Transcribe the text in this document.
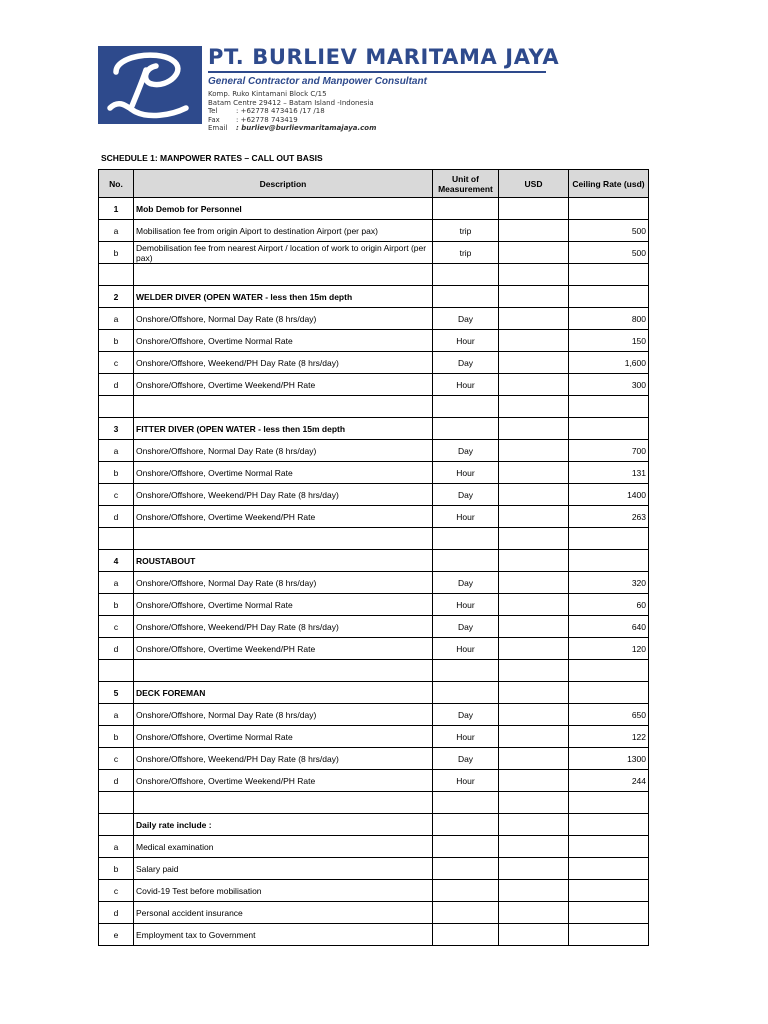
PT. BURLIEV MARITAMA JAYA
General Contractor and Manpower Consultant
Komp. Ruko Kintamani Block C/15
Batam Centre 29412 – Batam Island -Indonesia
Tel	: +62778 473416 /17 /18
Fax	: +62778 743419
Email	: burliev@burlievmaritamajaya.com
SCHEDULE 1: MANPOWER RATES – CALL OUT BASIS
No.	Description	Unit of Measurement	USD	Ceiling Rate (usd)
1	Mob Demob for Personnel			
a	Mobilisation fee from origin Aiport to destination Airport (per pax)	trip		500
b	Demobilisation fee from nearest Airport / location of work to origin Airport (per pax)	trip		500

2	WELDER DIVER (OPEN WATER - less then 15m depth			
a	Onshore/Offshore, Normal Day Rate (8 hrs/day)	Day		800
b	Onshore/Offshore, Overtime Normal Rate	Hour		150
c	Onshore/Offshore, Weekend/PH Day Rate (8 hrs/day)	Day		1,600
d	Onshore/Offshore, Overtime Weekend/PH Rate	Hour		300

3	FITTER DIVER (OPEN WATER - less then 15m depth			
a	Onshore/Offshore, Normal Day Rate (8 hrs/day)	Day		700
b	Onshore/Offshore, Overtime Normal Rate	Hour		131
c	Onshore/Offshore, Weekend/PH Day Rate (8 hrs/day)	Day		1400
d	Onshore/Offshore, Overtime Weekend/PH Rate	Hour		263

4	ROUSTABOUT			
a	Onshore/Offshore, Normal Day Rate (8 hrs/day)	Day		320
b	Onshore/Offshore, Overtime Normal Rate	Hour		60
c	Onshore/Offshore, Weekend/PH Day Rate (8 hrs/day)	Day		640
d	Onshore/Offshore, Overtime Weekend/PH Rate	Hour		120

5	DECK FOREMAN			
a	Onshore/Offshore, Normal Day Rate (8 hrs/day)	Day		650
b	Onshore/Offshore, Overtime Normal Rate	Hour		122
c	Onshore/Offshore, Weekend/PH Day Rate (8 hrs/day)	Day		1300
d	Onshore/Offshore, Overtime Weekend/PH Rate	Hour		244

	Daily rate include :			
a	Medical examination			
b	Salary paid			
c	Covid-19 Test before mobilisation			
d	Personal accident insurance			
e	Employment tax to Government			
